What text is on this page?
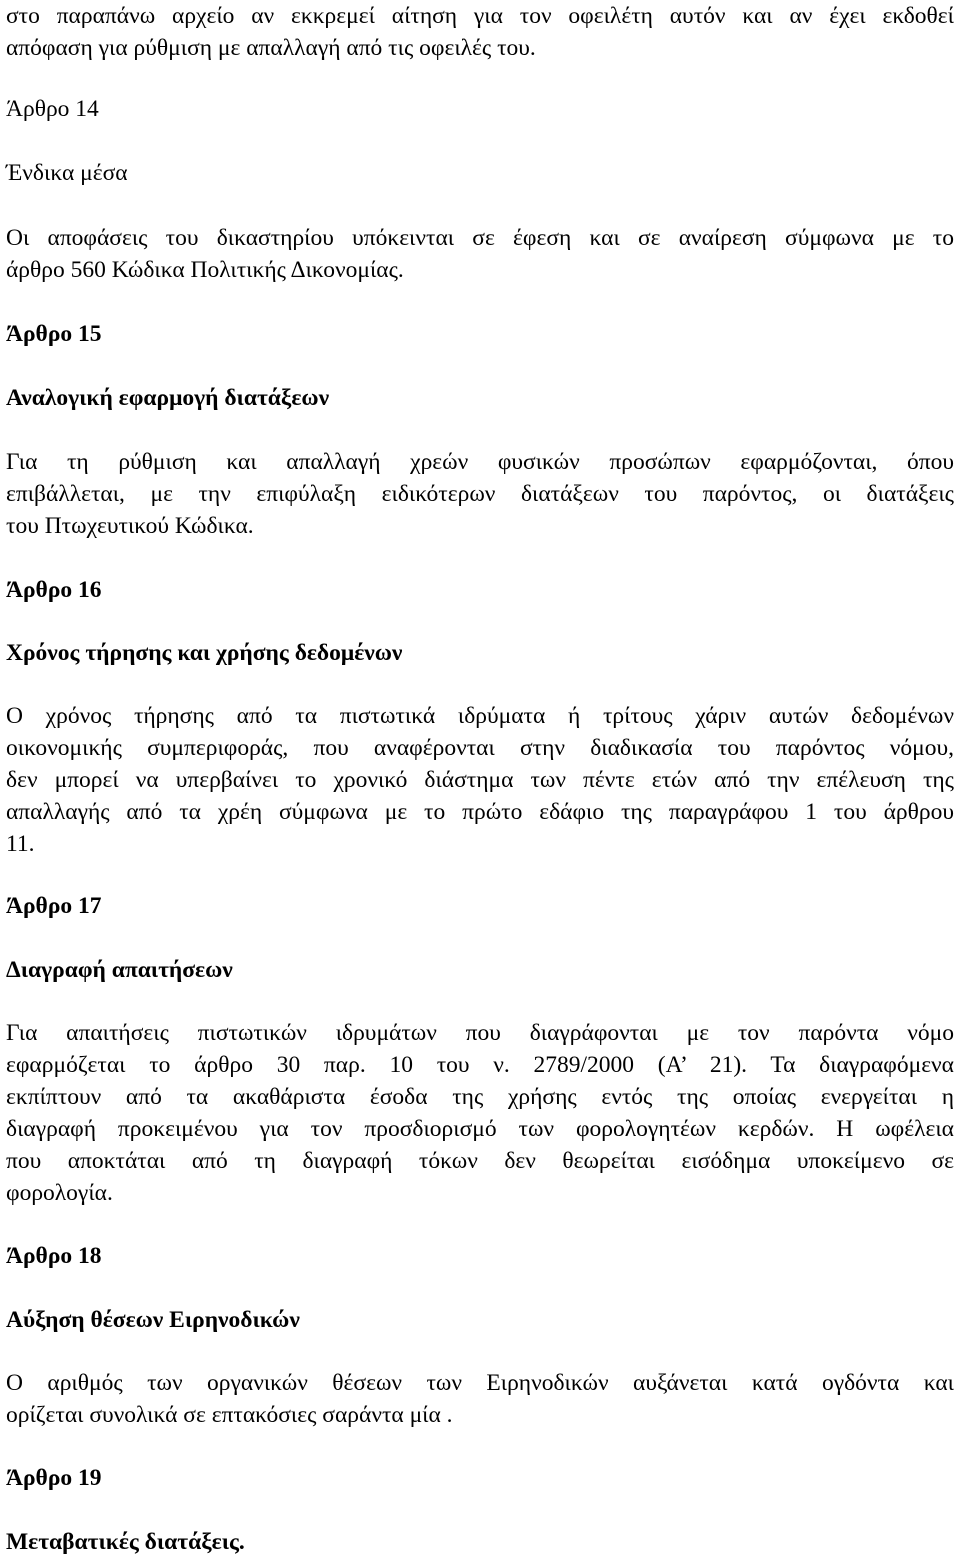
στο παραπάνω αρχείο αν εκκρεμεί αίτηση για τον οφειλέτη αυτόν και αν έχει εκδοθεί
απόφαση για ρύθμιση με απαλλαγή από τις οφειλές του.
Άρθρο 14
Ένδικα μέσα
Οι αποφάσεις του δικαστηρίου υπόκεινται σε έφεση και σε αναίρεση σύμφωνα με το
άρθρο 560 Κώδικα Πολιτικής Δικονομίας.
Άρθρο 15
Αναλογική εφαρμογή διατάξεων
Για τη ρύθμιση και απαλλαγή χρεών φυσικών προσώπων εφαρμόζονται, όπου
επιβάλλεται, με την επιφύλαξη ειδικότερων διατάξεων του παρόντος, οι διατάξεις
του Πτωχευτικού Κώδικα.
Άρθρο 16
Χρόνος τήρησης και χρήσης δεδομένων
Ο χρόνος τήρησης από τα πιστωτικά ιδρύματα ή τρίτους χάριν αυτών δεδομένων
οικονομικής συμπεριφοράς, που αναφέρονται στην διαδικασία του παρόντος νόμου,
δεν μπορεί να υπερβαίνει το χρονικό διάστημα των πέντε ετών από την επέλευση της
απαλλαγής από τα χρέη σύμφωνα με το πρώτο εδάφιο της παραγράφου 1 του άρθρου
11.
Άρθρο 17
Διαγραφή απαιτήσεων
Για απαιτήσεις πιστωτικών ιδρυμάτων που διαγράφονται με τον παρόντα νόμο
εφαρμόζεται το άρθρο 30 παρ. 10 του ν. 2789/2000 (Α’ 21). Τα διαγραφόμενα
εκπίπτουν από τα ακαθάριστα έσοδα της χρήσης εντός της οποίας ενεργείται η
διαγραφή προκειμένου για τον προσδιορισμό των φορολογητέων κερδών. Η ωφέλεια
που αποκτάται από τη διαγραφή τόκων δεν θεωρείται εισόδημα υποκείμενο σε
φορολογία.
Άρθρο 18
Αύξηση θέσεων Ειρηνοδικών
Ο αριθμός των οργανικών θέσεων των Ειρηνοδικών αυξάνεται κατά ογδόντα και
ορίζεται συνολικά σε επτακόσιες σαράντα μία .
Άρθρο 19
Μεταβατικές διατάξεις.
